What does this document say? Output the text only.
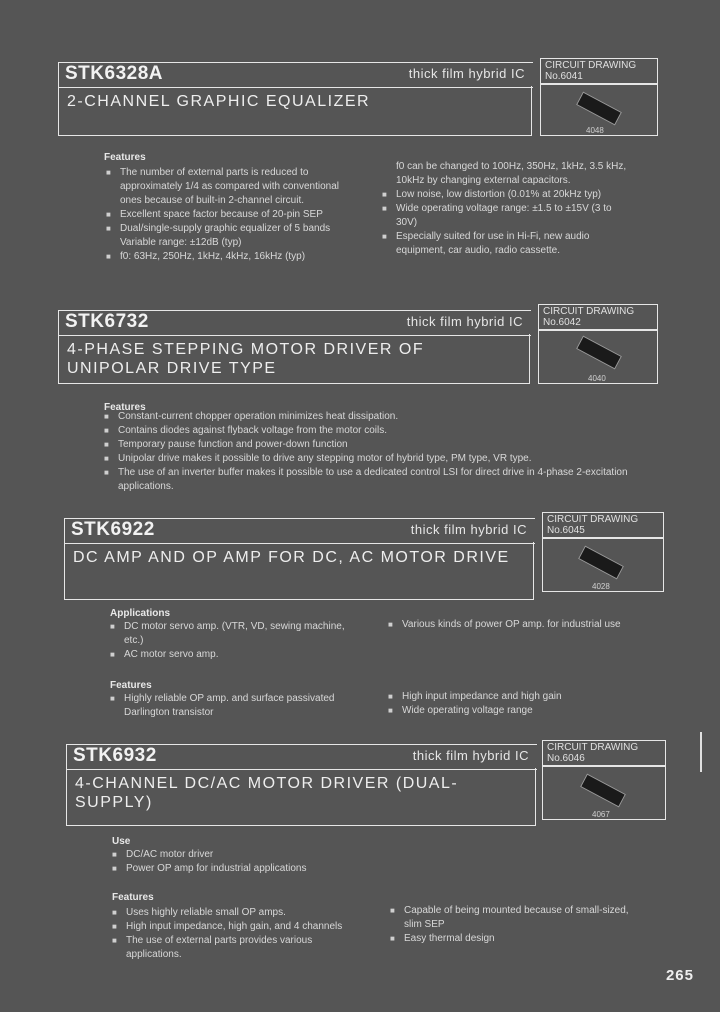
STK6328A	thick film hybrid IC
2-CHANNEL GRAPHIC EQUALIZER
CIRCUIT DRAWING No.6041
4048
Features
■ The number of external parts is reduced to approximately 1/4 as compared with conventional ones because of built-in 2-channel circuit.
■ Excellent space factor because of 20-pin SEP
■ Dual/single-supply graphic equalizer of 5 bands Variable range: ±12dB (typ)
■ f0: 63Hz, 250Hz, 1kHz, 4kHz, 16kHz (typ)
f0 can be changed to 100Hz, 350Hz, 1kHz, 3.5 kHz, 10kHz by changing external capacitors.
■ Low noise, low distortion (0.01% at 20kHz typ)
■ Wide operating voltage range: ±1.5 to ±15V (3 to 30V)
■ Especially suited for use in Hi-Fi, new audio equipment, car audio, radio cassette.
STK6732	thick film hybrid IC
4-PHASE STEPPING MOTOR DRIVER OF UNIPOLAR DRIVE TYPE
CIRCUIT DRAWING No.6042
4040
Features
■ Constant-current chopper operation minimizes heat dissipation.
■ Contains diodes against flyback voltage from the motor coils.
■ Temporary pause function and power-down function
■ Unipolar drive makes it possible to drive any stepping motor of hybrid type, PM type, VR type.
■ The use of an inverter buffer makes it possible to use a dedicated control LSI for direct drive in 4-phase 2-excitation applications.
STK6922	thick film hybrid IC
DC AMP AND OP AMP FOR DC, AC MOTOR DRIVE
CIRCUIT DRAWING No.6045
4028
Applications
■ DC motor servo amp. (VTR, VD, sewing machine, etc.)
■ AC motor servo amp.
■ Various kinds of power OP amp. for industrial use
Features
■ Highly reliable OP amp. and surface passivated Darlington transistor
■ High input impedance and high gain
■ Wide operating voltage range
STK6932	thick film hybrid IC
4-CHANNEL DC/AC MOTOR DRIVER (DUAL-SUPPLY)
CIRCUIT DRAWING No.6046
4067
Use
■ DC/AC motor driver
■ Power OP amp for industrial applications
Features
■ Uses highly reliable small OP amps.
■ High input impedance, high gain, and 4 channels
■ The use of external parts provides various applications.
■ Capable of being mounted because of small-sized, slim SEP
■ Easy thermal design
265
